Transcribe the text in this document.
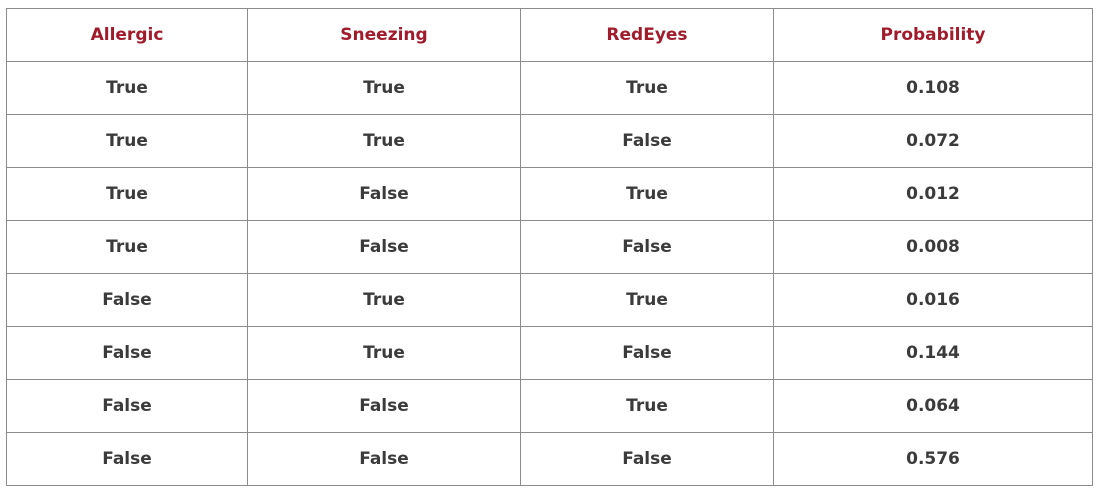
Allergic	Sneezing	RedEyes	Probability
True	True	True	0.108
True	True	False	0.072
True	False	True	0.012
True	False	False	0.008
False	True	True	0.016
False	True	False	0.144
False	False	True	0.064
False	False	False	0.576
